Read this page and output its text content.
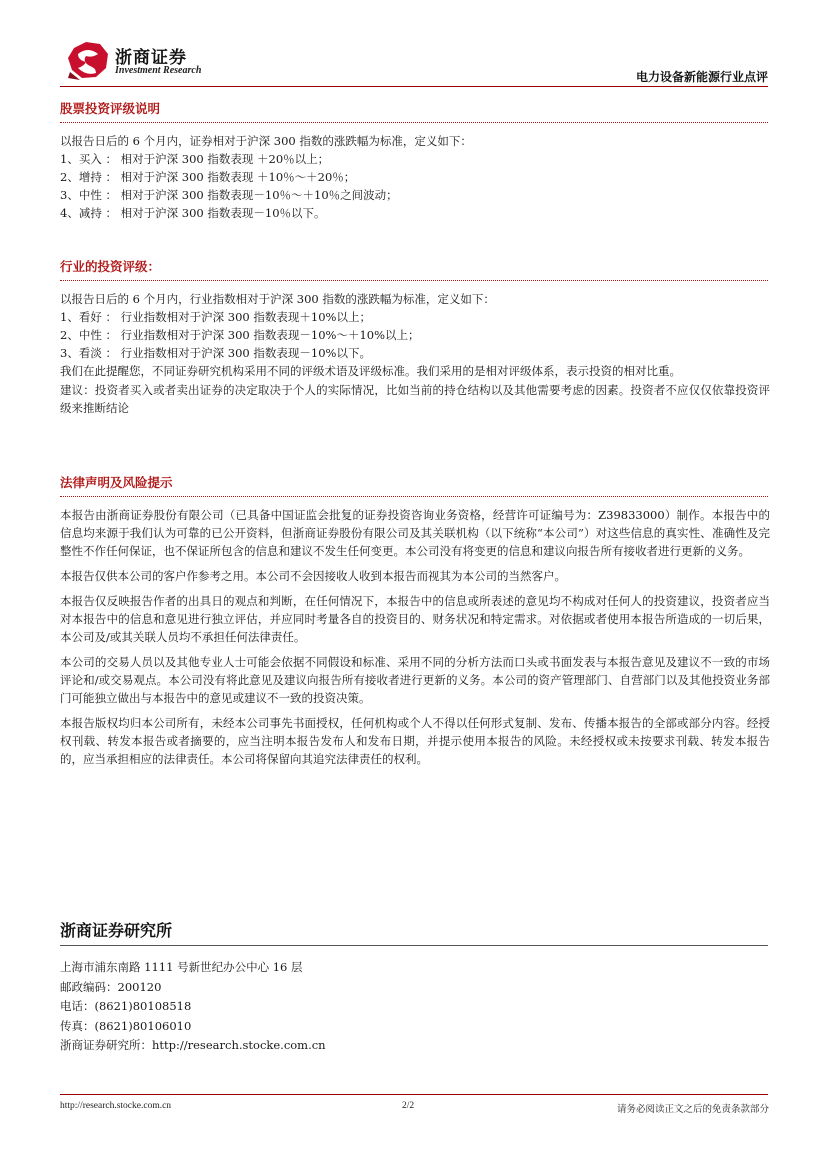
浙商证券
Investment Research	电力设备新能源行业点评
股票投资评级说明
以报告日后的 6 个月内，证券相对于沪深 300 指数的涨跌幅为标准，定义如下：
1、买入 ： 相对于沪深 300 指数表现 ＋20％以上；
2、增持 ： 相对于沪深 300 指数表现 ＋10％～＋20％；
3、中性 ： 相对于沪深 300 指数表现－10％～＋10％之间波动；
4、减持 ： 相对于沪深 300 指数表现－10％以下。
行业的投资评级：
以报告日后的 6 个月内，行业指数相对于沪深 300 指数的涨跌幅为标准，定义如下：
1、看好 ： 行业指数相对于沪深 300 指数表现＋10%以上；
2、中性 ： 行业指数相对于沪深 300 指数表现－10%～＋10%以上；
3、看淡 ： 行业指数相对于沪深 300 指数表现－10%以下。
我们在此提醒您，不同证券研究机构采用不同的评级术语及评级标准。我们采用的是相对评级体系，表示投资的相对比重。
建议：投资者买入或者卖出证券的决定取决于个人的实际情况，比如当前的持仓结构以及其他需要考虑的因素。投资者不应仅仅依靠投资评级来推断结论
法律声明及风险提示
本报告由浙商证券股份有限公司（已具备中国证监会批复的证券投资咨询业务资格，经营许可证编号为：Z39833000）制作。本报告中的信息均来源于我们认为可靠的已公开资料，但浙商证券股份有限公司及其关联机构（以下统称“本公司”）对这些信息的真实性、准确性及完整性不作任何保证，也不保证所包含的信息和建议不发生任何变更。本公司没有将变更的信息和建议向报告所有接收者进行更新的义务。
本报告仅供本公司的客户作参考之用。本公司不会因接收人收到本报告而视其为本公司的当然客户。
本报告仅反映报告作者的出具日的观点和判断，在任何情况下，本报告中的信息或所表述的意见均不构成对任何人的投资建议，投资者应当对本报告中的信息和意见进行独立评估，并应同时考量各自的投资目的、财务状况和特定需求。对依据或者使用本报告所造成的一切后果，本公司及/或其关联人员均不承担任何法律责任。
本公司的交易人员以及其他专业人士可能会依据不同假设和标准、采用不同的分析方法而口头或书面发表与本报告意见及建议不一致的市场评论和/或交易观点。本公司没有将此意见及建议向报告所有接收者进行更新的义务。本公司的资产管理部门、自营部门以及其他投资业务部门可能独立做出与本报告中的意见或建议不一致的投资决策。
本报告版权均归本公司所有，未经本公司事先书面授权，任何机构或个人不得以任何形式复制、发布、传播本报告的全部或部分内容。经授权刊载、转发本报告或者摘要的，应当注明本报告发布人和发布日期，并提示使用本报告的风险。未经授权或未按要求刊载、转发本报告的，应当承担相应的法律责任。本公司将保留向其追究法律责任的权利。
浙商证券研究所
上海市浦东南路 1111 号新世纪办公中心 16 层
邮政编码：200120
电话：(8621)80108518
传真：(8621)80106010
浙商证券研究所：http://research.stocke.com.cn
http://research.stocke.com.cn	2/2	请务必阅读正文之后的免责条款部分
